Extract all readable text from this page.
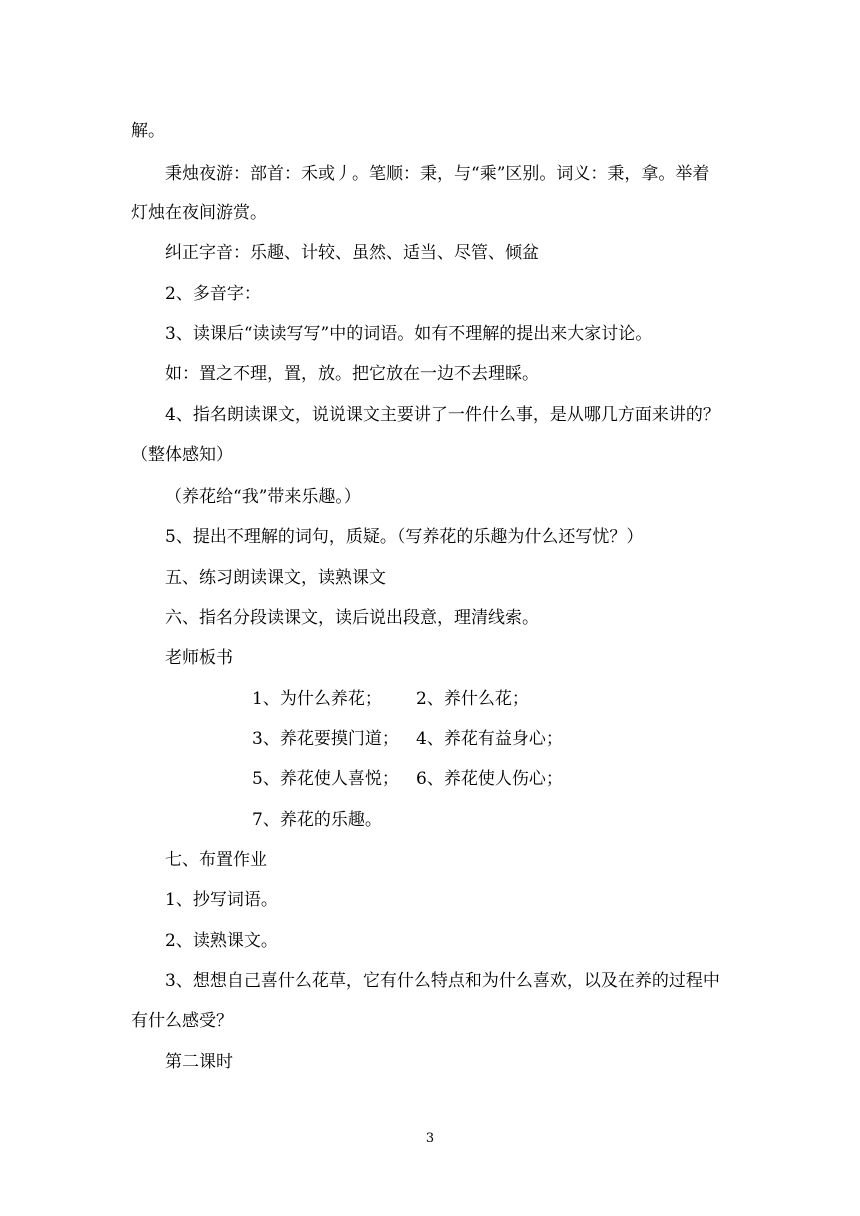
解。
秉烛夜游：部首：禾或丿。笔顺：秉，与“乘”区别。词义：秉，拿。举着
灯烛在夜间游赏。
纠正字音：乐趣、计较、虽然、适当、尽管、倾盆
2、多音字：
3、读课后“读读写写”中的词语。如有不理解的提出来大家讨论。
如：置之不理，置，放。把它放在一边不去理睬。
4、指名朗读课文，说说课文主要讲了一件什么事，是从哪几方面来讲的？
（整体感知）
（养花给“我”带来乐趣。）
5、提出不理解的词句，质疑。（写养花的乐趣为什么还写忧？）
五、练习朗读课文，读熟课文
六、指名分段读课文，读后说出段意，理清线索。
老师板书
1、为什么养花； 2、养什么花；
3、养花要摸门道； 4、养花有益身心；
5、养花使人喜悦； 6、养花使人伤心；
7、养花的乐趣。
七、布置作业
1、抄写词语。
2、读熟课文。
3、想想自己喜什么花草，它有什么特点和为什么喜欢，以及在养的过程中
有什么感受？
第二课时
3
